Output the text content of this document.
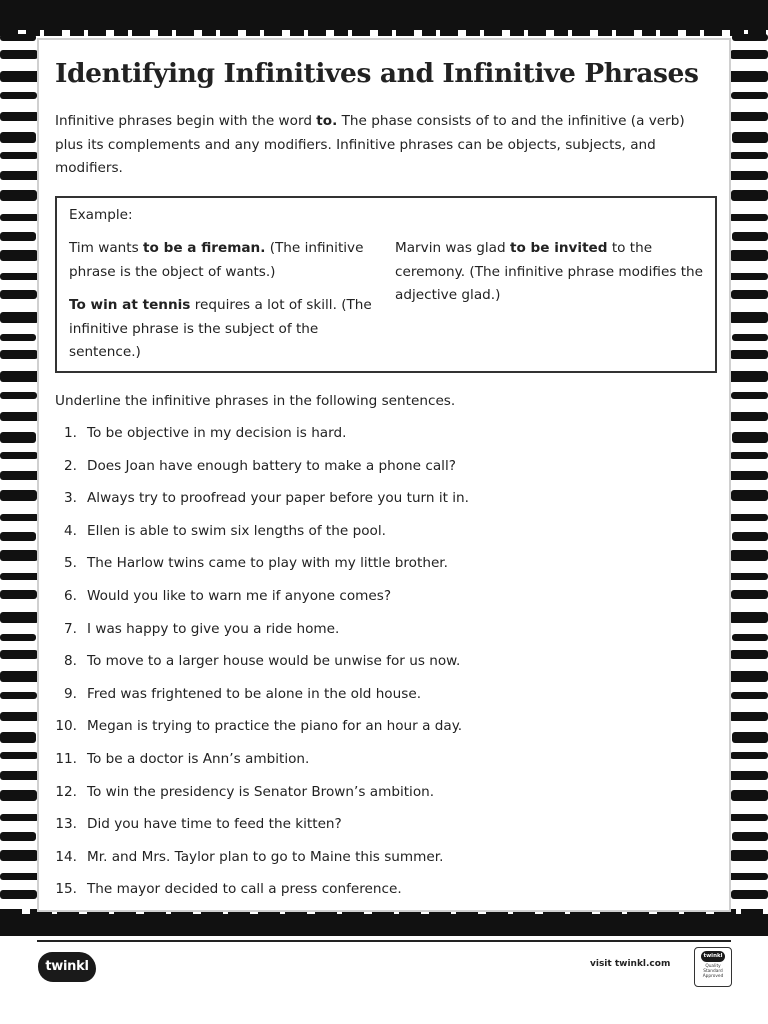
Identifying Infinitives and Infinitive Phrases

Infinitive phrases begin with the word to. The phase consists of to and the infinitive (a verb) plus its complements and any modifiers. Infinitive phrases can be objects, subjects, and modifiers.

Example:

Tim wants to be a fireman. (The infinitive phrase is the object of wants.)

To win at tennis requires a lot of skill. (The infinitive phrase is the subject of the sentence.)

Marvin was glad to be invited to the ceremony. (The infinitive phrase modifies the adjective glad.)

Underline the infinitive phrases in the following sentences.

1. To be objective in my decision is hard.
2. Does Joan have enough battery to make a phone call?
3. Always try to proofread your paper before you turn it in.
4. Ellen is able to swim six lengths of the pool.
5. The Harlow twins came to play with my little brother.
6. Would you like to warn me if anyone comes?
7. I was happy to give you a ride home.
8. To move to a larger house would be unwise for us now.
9. Fred was frightened to be alone in the old house.
10. Megan is trying to practice the piano for an hour a day.
11. To be a doctor is Ann’s ambition.
12. To win the presidency is Senator Brown’s ambition.
13. Did you have time to feed the kitten?
14. Mr. and Mrs. Taylor plan to go to Maine this summer.
15. The mayor decided to call a press conference.
twinkl	visit twinkl.com
twinkl
Quality Standard Approved
